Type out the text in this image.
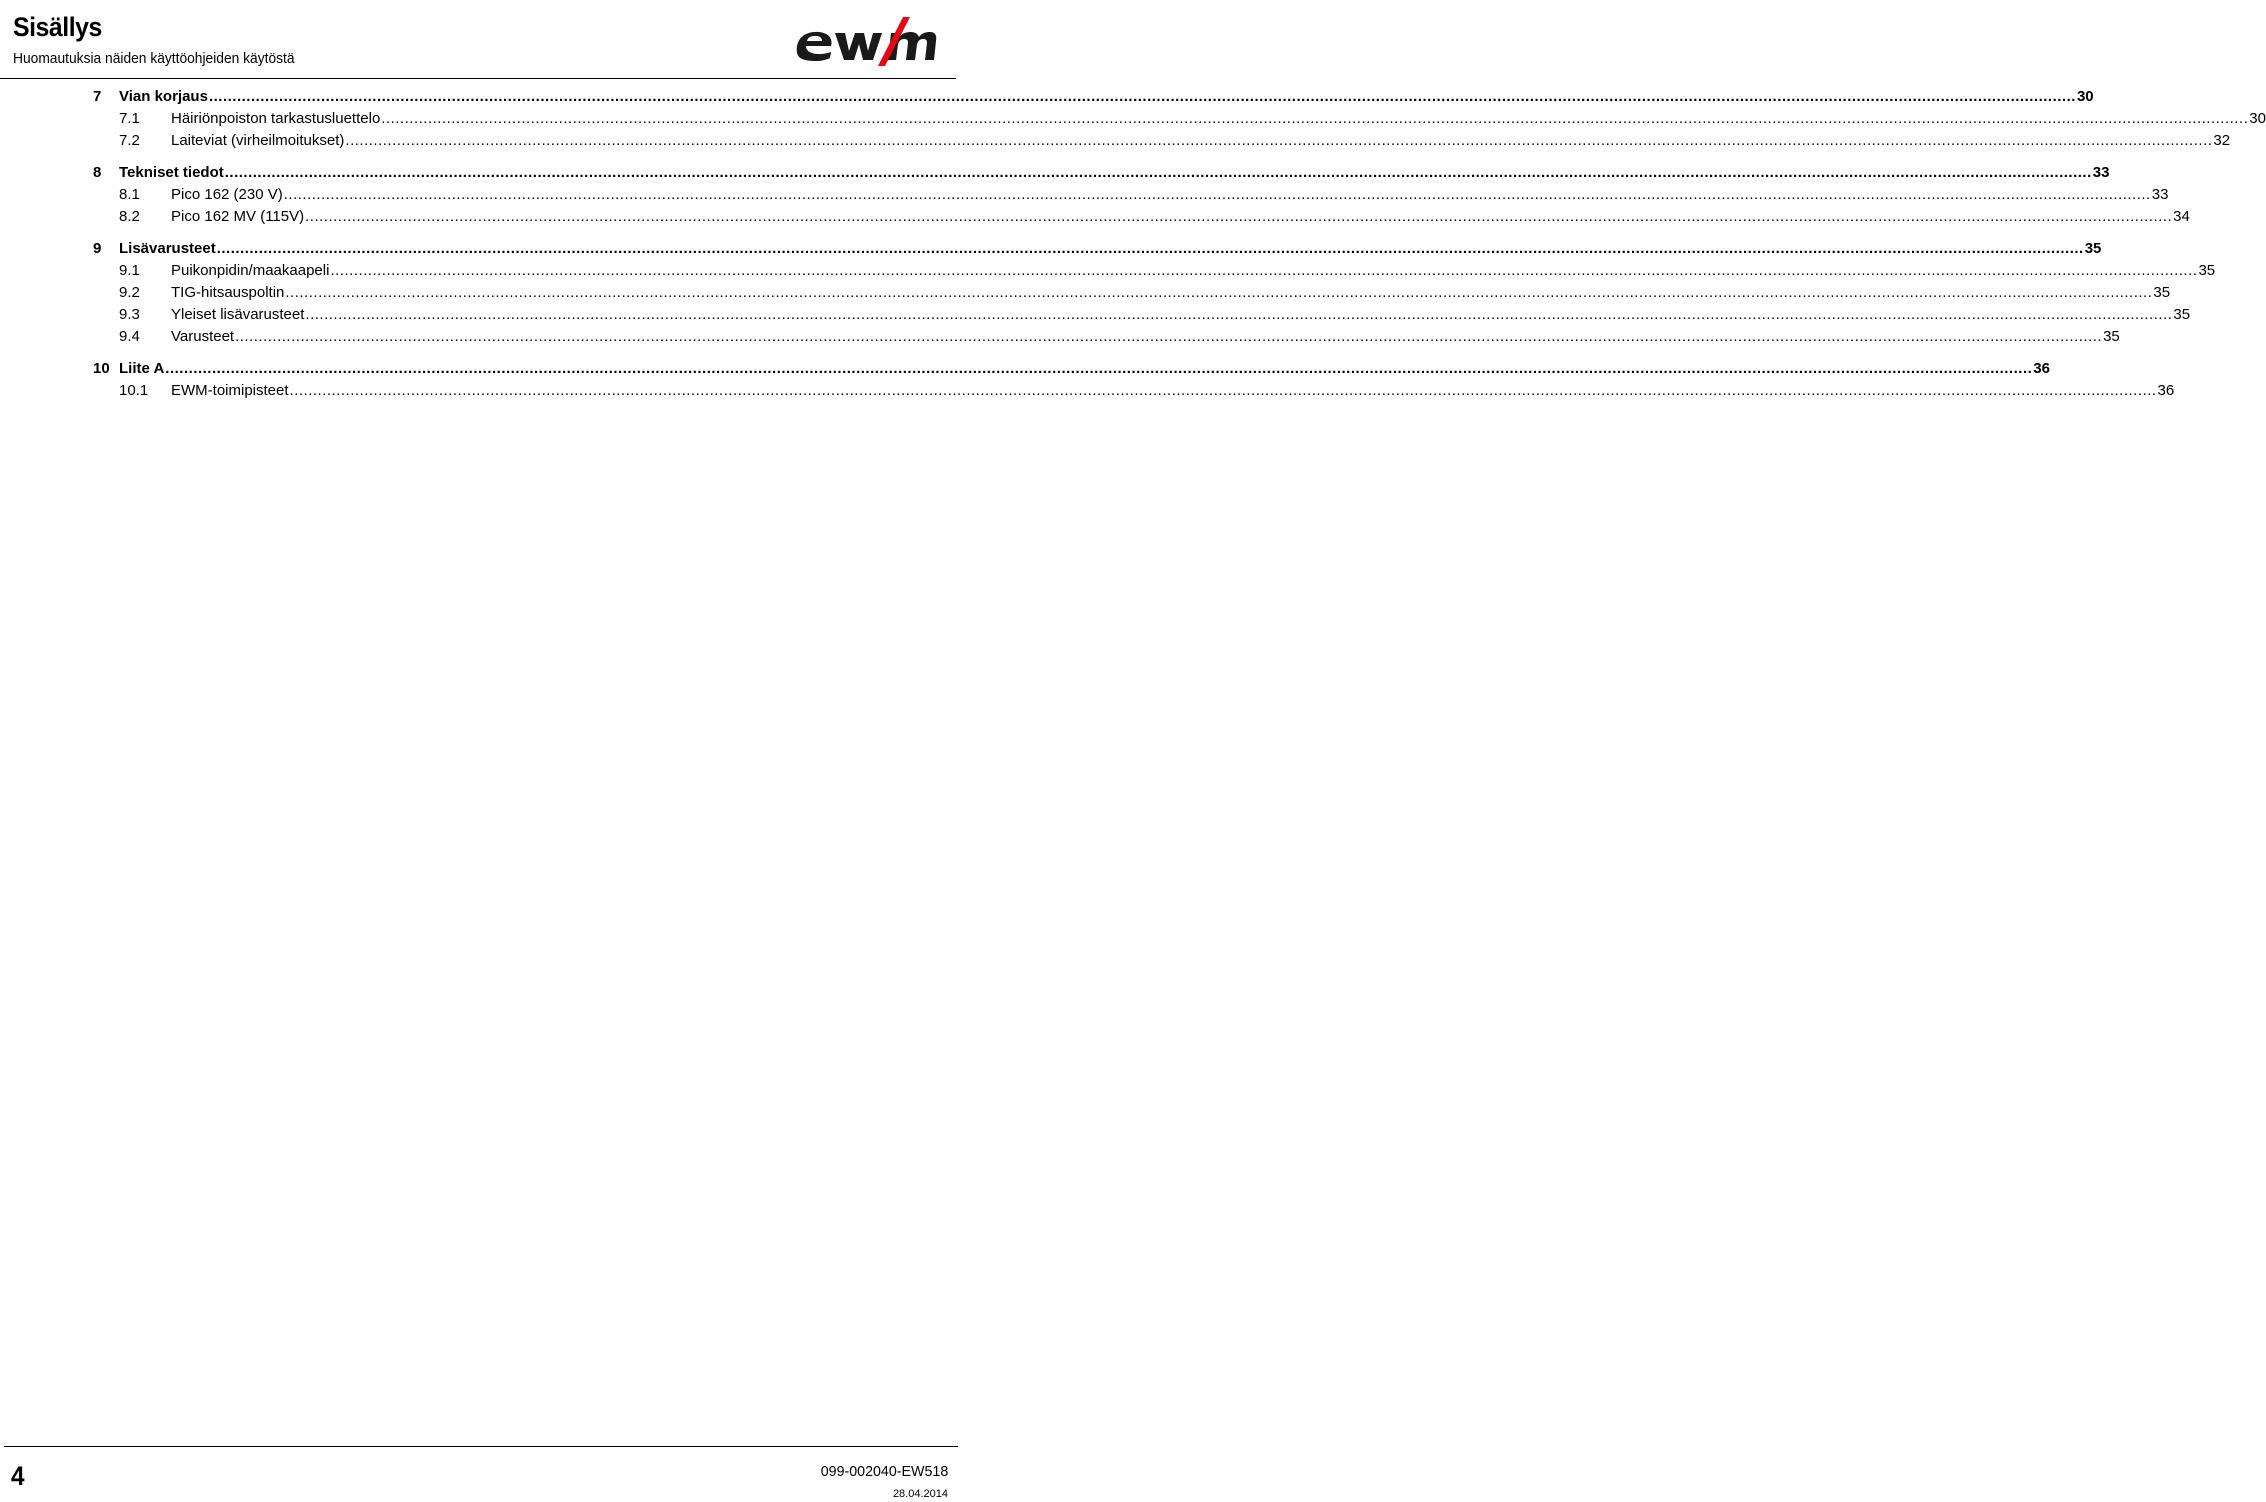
Sisällys
Huomautuksia näiden käyttöohjeiden käytöstä
7 Vian korjaus ................................................................................................................................................................................................................................................................................................................................................................................................................ 30
7.1 Häiriönpoiston tarkastusluettelo ................................................................................................................................................................................................................................................................................................................................................................................................................ 30
7.2 Laiteviat (virheilmoitukset) ................................................................................................................................................................................................................................................................................................................................................................................................................ 32
8 Tekniset tiedot ................................................................................................................................................................................................................................................................................................................................................................................................................ 33
8.1 Pico 162 (230 V) ................................................................................................................................................................................................................................................................................................................................................................................................................ 33
8.2 Pico 162 MV (115V) ................................................................................................................................................................................................................................................................................................................................................................................................................ 34
9 Lisävarusteet ................................................................................................................................................................................................................................................................................................................................................................................................................ 35
9.1 Puikonpidin/maakaapeli ................................................................................................................................................................................................................................................................................................................................................................................................................ 35
9.2 TIG-hitsauspoltin ................................................................................................................................................................................................................................................................................................................................................................................................................ 35
9.3 Yleiset lisävarusteet ................................................................................................................................................................................................................................................................................................................................................................................................................ 35
9.4 Varusteet ................................................................................................................................................................................................................................................................................................................................................................................................................ 35
10 Liite A ................................................................................................................................................................................................................................................................................................................................................................................................................ 36
10.1 EWM-toimipisteet ................................................................................................................................................................................................................................................................................................................................................................................................................ 36
4	099-002040-EW518
28.04.2014
